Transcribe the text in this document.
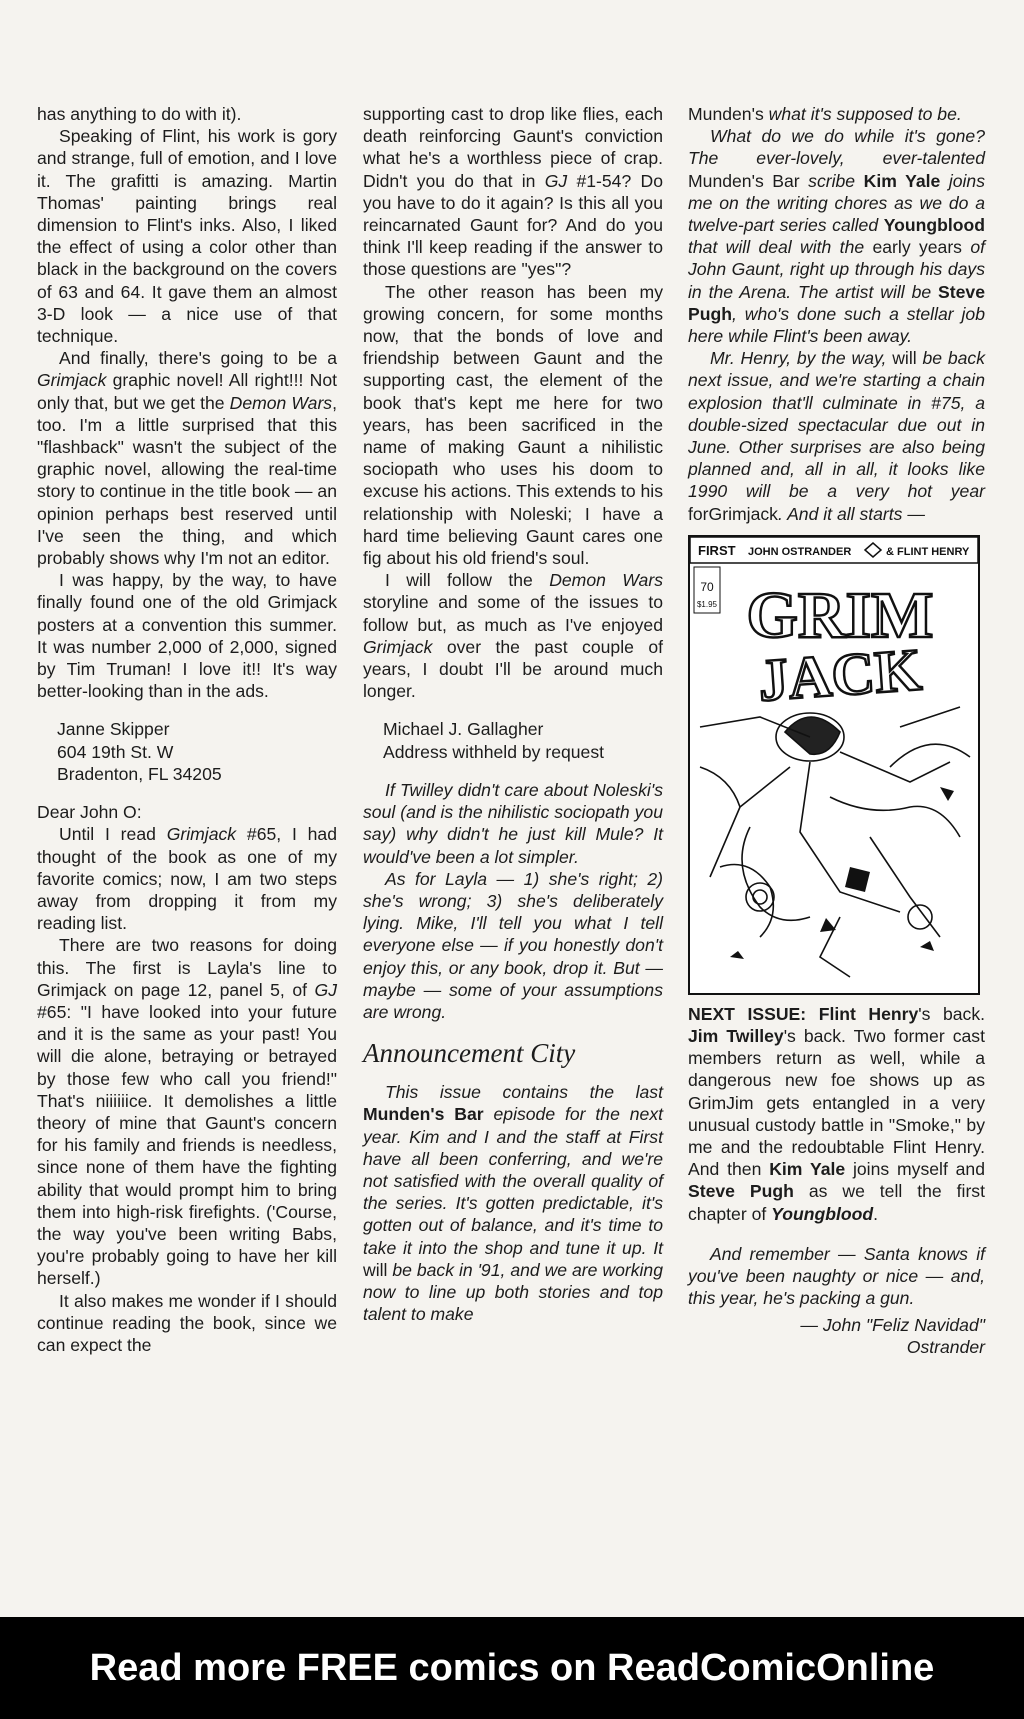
has anything to do with it).

Speaking of Flint, his work is gory and strange, full of emotion, and I love it. The grafitti is amazing. Martin Thomas' painting brings real dimension to Flint's inks. Also, I liked the effect of using a color other than black in the background on the covers of 63 and 64. It gave them an almost 3-D look — a nice use of that technique.

And finally, there's going to be a Grimjack graphic novel! All right!!! Not only that, but we get the Demon Wars, too. I'm a little surprised that this "flashback" wasn't the subject of the graphic novel, allowing the real-time story to continue in the title book — an opinion perhaps best reserved until I've seen the thing, and which probably shows why I'm not an editor.

I was happy, by the way, to have finally found one of the old Grimjack posters at a convention this summer. It was number 2,000 of 2,000, signed by Tim Truman! I love it!! It's way better-looking than in the ads.

Janne Skipper
604 19th St. W
Bradenton, FL 34205

Dear John O:

Until I read Grimjack #65, I had thought of the book as one of my favorite comics; now, I am two steps away from dropping it from my reading list.

There are two reasons for doing this. The first is Layla's line to Grimjack on page 12, panel 5, of GJ #65: "I have looked into your future and it is the same as your past! You will die alone, betraying or betrayed by those few who call you friend!" That's niiiiiice. It demolishes a little theory of mine that Gaunt's concern for his family and friends is needless, since none of them have the fighting ability that would prompt him to bring them into high-risk firefights. ('Course, the way you've been writing Babs, you're probably going to have her kill herself.)

It also makes me wonder if I should continue reading the book, since we can expect the

supporting cast to drop like flies, each death reinforcing Gaunt's conviction what he's a worthless piece of crap. Didn't you do that in GJ #1-54? Do you have to do it again? Is this all you reincarnated Gaunt for? And do you think I'll keep reading if the answer to those questions are "yes"?

The other reason has been my growing concern, for some months now, that the bonds of love and friendship between Gaunt and the supporting cast, the element of the book that's kept me here for two years, has been sacrificed in the name of making Gaunt a nihilistic sociopath who uses his doom to excuse his actions. This extends to his relationship with Noleski; I have a hard time believing Gaunt cares one fig about his old friend's soul.

I will follow the Demon Wars storyline and some of the issues to follow but, as much as I've enjoyed Grimjack over the past couple of years, I doubt I'll be around much longer.

Michael J. Gallagher
Address withheld by request

If Twilley didn't care about Noleski's soul (and is the nihilistic sociopath you say) why didn't he just kill Mule? It would've been a lot simpler.

As for Layla — 1) she's right; 2) she's wrong; 3) she's deliberately lying. Mike, I'll tell you what I tell everyone else — if you honestly don't enjoy this, or any book, drop it. But — maybe — some of your assumptions are wrong.

Announcement City

This issue contains the last Munden's Bar episode for the next year. Kim and I and the staff at First have all been conferring, and we're not satisfied with the overall quality of the series. It's gotten predictable, it's gotten out of balance, and it's time to take it into the shop and tune it up. It will be back in '91, and we are working now to line up both stories and top talent to make

Munden's what it's supposed to be.

What do we do while it's gone? The ever-lovely, ever-talented Munden's Bar scribe Kim Yale joins me on the writing chores as we do a twelve-part series called Youngblood that will deal with the early years of John Gaunt, right up through his days in the Arena. The artist will be Steve Pugh, who's done such a stellar job here while Flint's been away.

Mr. Henry, by the way, will be back next issue, and we're starting a chain explosion that'll culminate in #75, a double-sized spectacular due out in June. Other surprises are also being planned and, all in all, it looks like 1990 will be a very hot year forGrimjack. And it all starts —

FIRST JOHN OSTRANDER	& FLINT HENRY
70
$1.95 GRIM
JACK

NEXT ISSUE: Flint Henry's back. Jim Twilley's back. Two former cast members return as well, while a dangerous new foe shows up as GrimJim gets entangled in a very unusual custody battle in "Smoke," by me and the redoubtable Flint Henry. And then Kim Yale joins myself and Steve Pugh as we tell the first chapter of Youngblood.

And remember — Santa knows if you've been naughty or nice — and, this year, he's packing a gun.

— John "Feliz Navidad"
Ostrander

Read more FREE comics on ReadComicOnline
